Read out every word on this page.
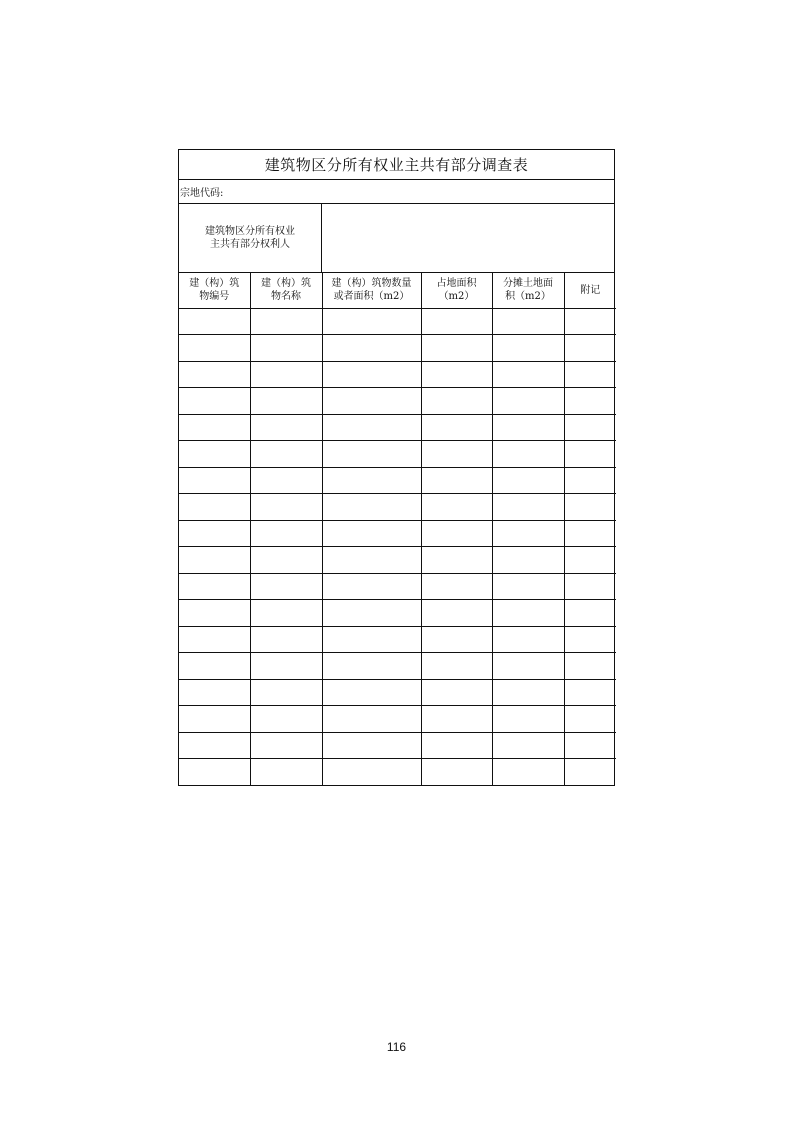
建筑物区分所有权业主共有部分调查表
宗地代码:
建筑物区分所有权业主共有部分权利人
建（构）筑物编号	建（构）筑物名称	建（构）筑物数量或者面积（m2）	占地面积（m2）	分摊土地面积（m2）	附记

116
